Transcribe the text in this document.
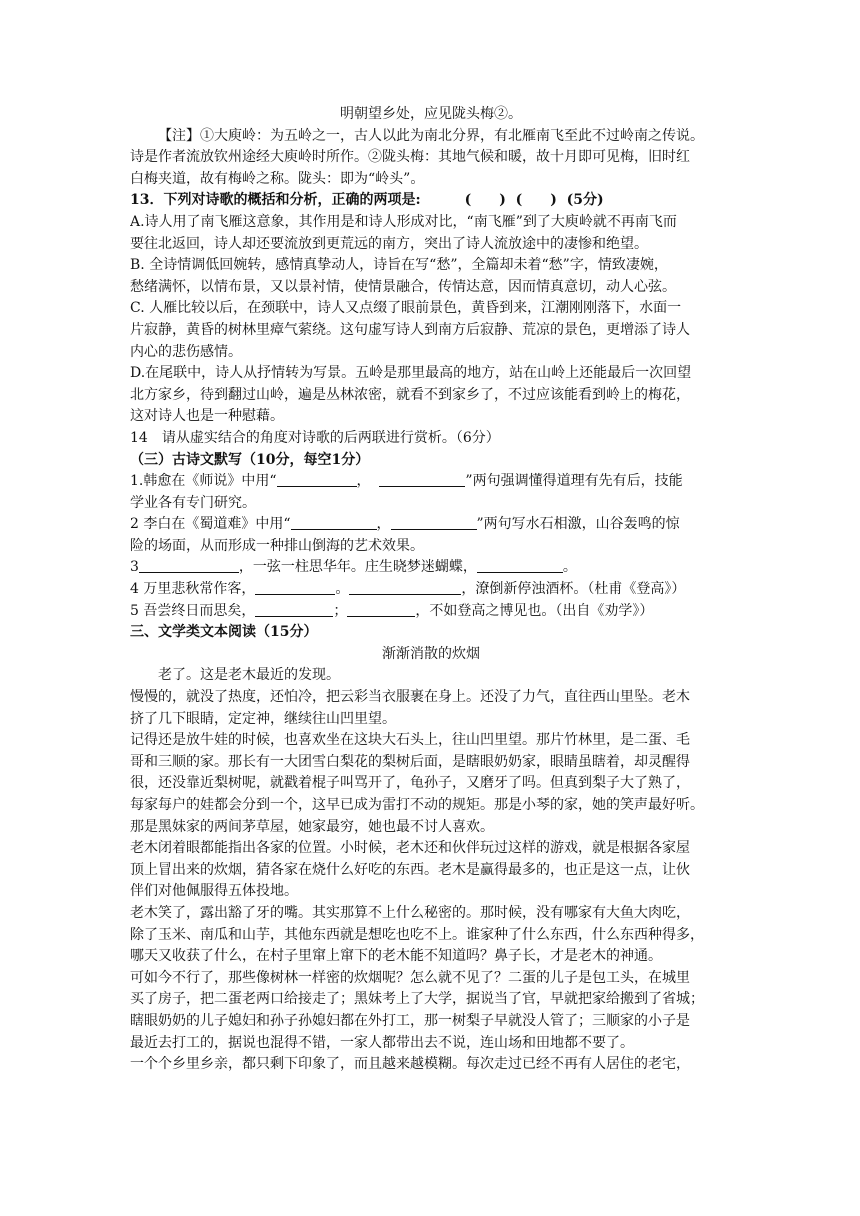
明朝望乡处，应见陇头梅②。
【注】①大庾岭：为五岭之一，古人以此为南北分界，有北雁南飞至此不过岭南之传说。
诗是作者流放钦州途经大庾岭时所作。②陇头梅：其地气候和暖，故十月即可见梅，旧时红
白梅夹道，故有梅岭之称。陇头：即为“岭头”。
13．下列对诗歌的概括和分析，正确的两项是:	(　　) (　　) (5分)
A.诗人用了南飞雁这意象，其作用是和诗人形成对比，“南飞雁”到了大庾岭就不再南飞而
要往北返回，诗人却还要流放到更荒远的南方，突出了诗人流放途中的凄惨和绝望。
B. 全诗情调低回婉转，感情真挚动人，诗旨在写“愁”，全篇却未着“愁”字，情致凄婉，
愁绪满怀，以情布景，又以景衬情，使情景融合，传情达意，因而情真意切，动人心弦。
C. 人雁比较以后，在颈联中，诗人又点缀了眼前景色，黄昏到来，江潮刚刚落下，水面一
片寂静，黄昏的树林里瘴气萦绕。这句虚写诗人到南方后寂静、荒凉的景色，更增添了诗人
内心的悲伤感情。
D.在尾联中，诗人从抒情转为写景。五岭是那里最高的地方，站在山岭上还能最后一次回望
北方家乡，待到翻过山岭，遍是丛林浓密，就看不到家乡了，不过应该能看到岭上的梅花，
这对诗人也是一种慰藉。
14　请从虚实结合的角度对诗歌的后两联进行赏析。（6分）
（三）古诗文默写（10分，每空1分）
1.韩愈在《师说》中用“	，	”两句强调懂得道理有先有后，技能
学业各有专门研究。
2 李白在《蜀道难》中用“	，	”两句写水石相激，山谷轰鸣的惊
险的场面，从而形成一种排山倒海的艺术效果。
3	，一弦一柱思华年。庄生晓梦迷蝴蝶，	。
4 万里悲秋常作客，	。	，潦倒新停浊酒杯。（杜甫《登高》）
5 吾尝终日而思矣，	；	，不如登高之博见也。（出自《劝学》）
三、文学类文本阅读（15分）
渐渐消散的炊烟
老了。这是老木最近的发现。
慢慢的，就没了热度，还怕冷，把云彩当衣服裹在身上。还没了力气，直往西山里坠。老木
挤了几下眼睛，定定神，继续往山凹里望。
记得还是放牛娃的时候，也喜欢坐在这块大石头上，往山凹里望。那片竹林里，是二蛋、毛
哥和三顺的家。那长有一大团雪白梨花的梨树后面，是瞎眼奶奶家，眼睛虽瞎着，却灵醒得
很，还没靠近梨树呢，就戳着棍子叫骂开了，龟孙子，又磨牙了吗。但真到梨子大了熟了，
每家每户的娃都会分到一个，这早已成为雷打不动的规矩。那是小琴的家，她的笑声最好听。
那是黑妹家的两间茅草屋，她家最穷，她也最不讨人喜欢。
老木闭着眼都能指出各家的位置。小时候，老木还和伙伴玩过这样的游戏，就是根据各家屋
顶上冒出来的炊烟，猜各家在烧什么好吃的东西。老木是赢得最多的，也正是这一点，让伙
伴们对他佩服得五体投地。
老木笑了，露出豁了牙的嘴。其实那算不上什么秘密的。那时候，没有哪家有大鱼大肉吃，
除了玉米、南瓜和山芋，其他东西就是想吃也吃不上。谁家种了什么东西，什么东西种得多，
哪天又收获了什么，在村子里窜上窜下的老木能不知道吗？鼻子长，才是老木的神通。
可如今不行了，那些像树林一样密的炊烟呢？怎么就不见了？二蛋的儿子是包工头，在城里
买了房子，把二蛋老两口给接走了；黑妹考上了大学，据说当了官，早就把家给搬到了省城；
瞎眼奶奶的儿子媳妇和孙子孙媳妇都在外打工，那一树梨子早就没人管了；三顺家的小子是
最近去打工的，据说也混得不错，一家人都带出去不说，连山场和田地都不要了。
一个个乡里乡亲，都只剩下印象了，而且越来越模糊。每次走过已经不再有人居住的老宅，
